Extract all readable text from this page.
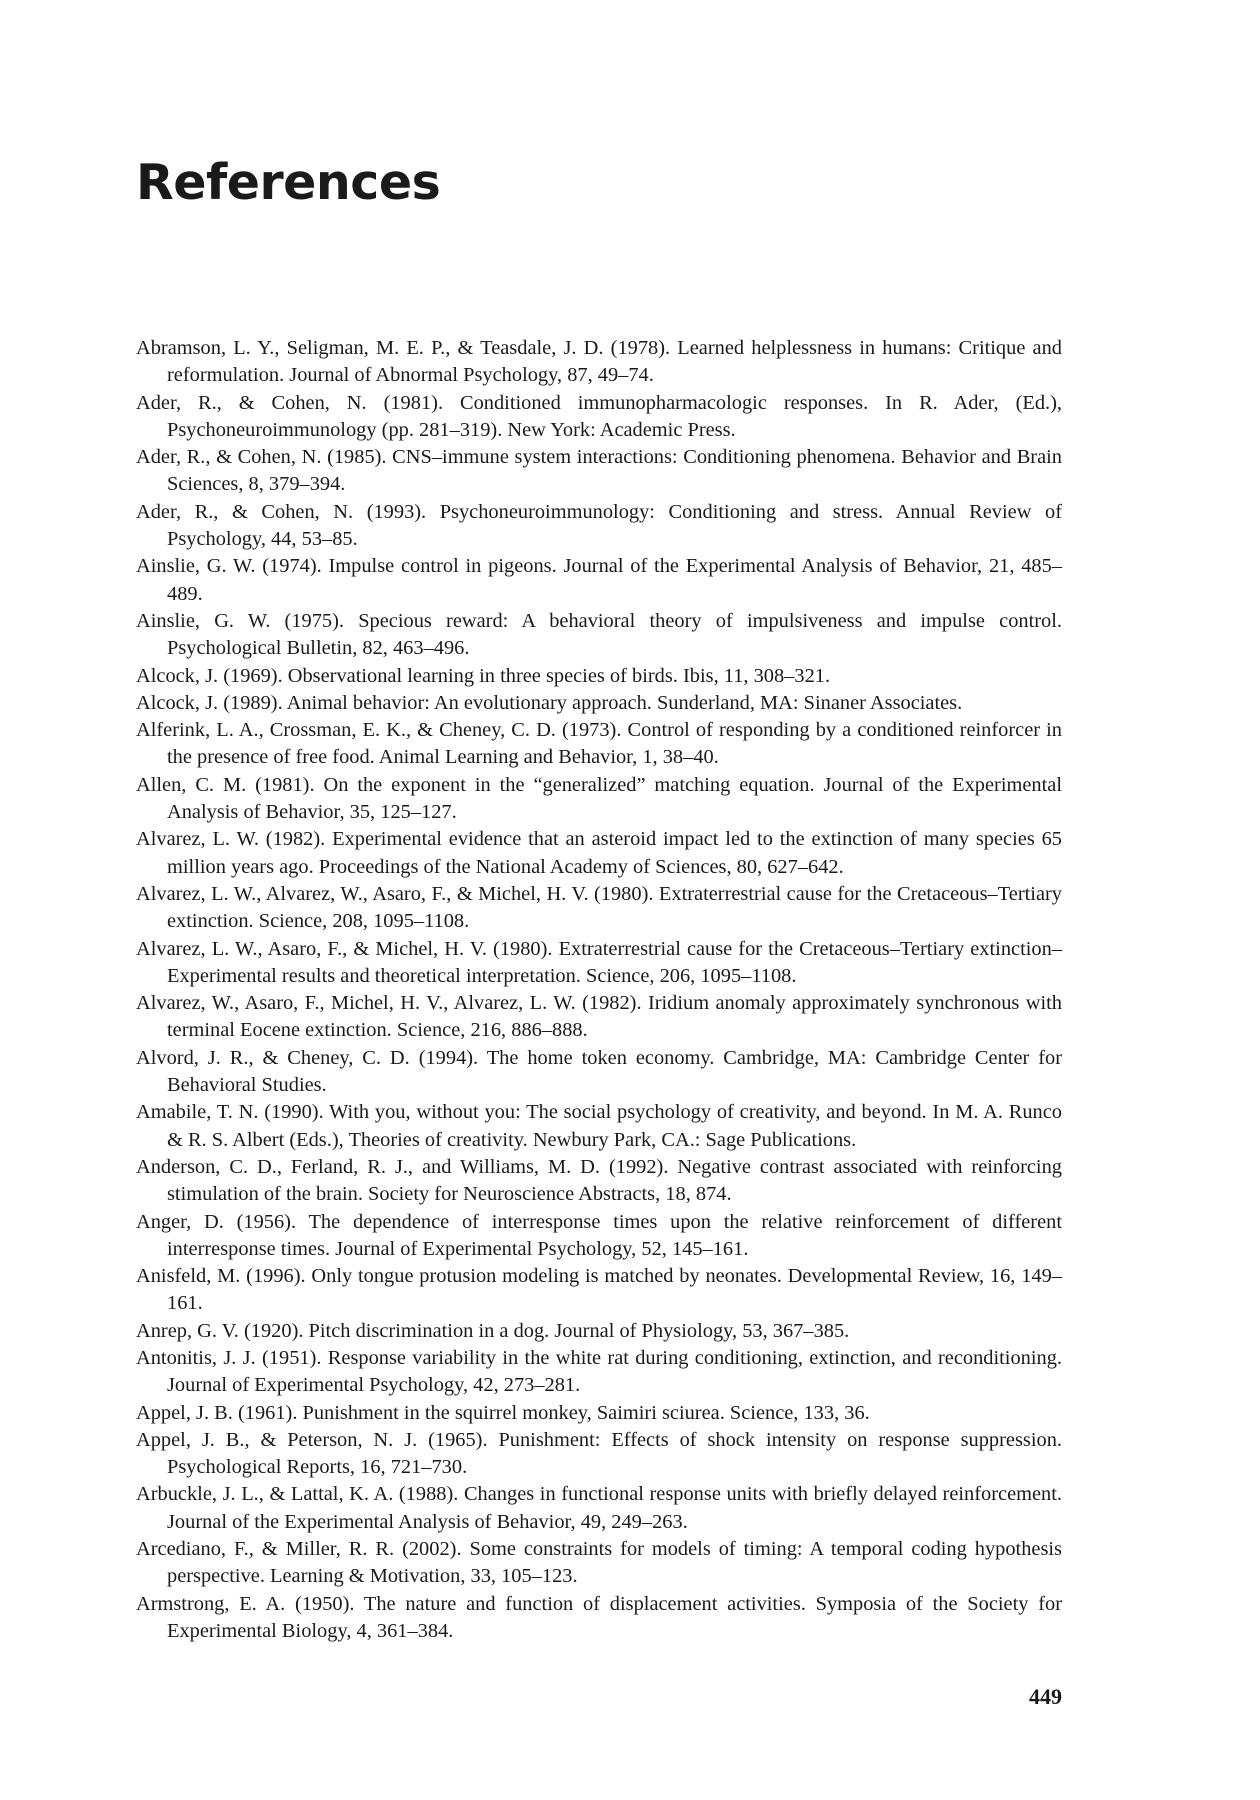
References
Abramson, L. Y., Seligman, M. E. P., & Teasdale, J. D. (1978). Learned helplessness in humans: Critique and reformulation. Journal of Abnormal Psychology, 87, 49–74.
Ader, R., & Cohen, N. (1981). Conditioned immunopharmacologic responses. In R. Ader, (Ed.), Psychoneuroimmunology (pp. 281–319). New York: Academic Press.
Ader, R., & Cohen, N. (1985). CNS–immune system interactions: Conditioning phenomena. Behavior and Brain Sciences, 8, 379–394.
Ader, R., & Cohen, N. (1993). Psychoneuroimmunology: Conditioning and stress. Annual Review of Psychology, 44, 53–85.
Ainslie, G. W. (1974). Impulse control in pigeons. Journal of the Experimental Analysis of Behavior, 21, 485–489.
Ainslie, G. W. (1975). Specious reward: A behavioral theory of impulsiveness and impulse control. Psychological Bulletin, 82, 463–496.
Alcock, J. (1969). Observational learning in three species of birds. Ibis, 11, 308–321.
Alcock, J. (1989). Animal behavior: An evolutionary approach. Sunderland, MA: Sinaner Associates.
Alferink, L. A., Crossman, E. K., & Cheney, C. D. (1973). Control of responding by a conditioned reinforcer in the presence of free food. Animal Learning and Behavior, 1, 38–40.
Allen, C. M. (1981). On the exponent in the “generalized” matching equation. Journal of the Experimental Analysis of Behavior, 35, 125–127.
Alvarez, L. W. (1982). Experimental evidence that an asteroid impact led to the extinction of many species 65 million years ago. Proceedings of the National Academy of Sciences, 80, 627–642.
Alvarez, L. W., Alvarez, W., Asaro, F., & Michel, H. V. (1980). Extraterrestrial cause for the Cretaceous–Tertiary extinction. Science, 208, 1095–1108.
Alvarez, L. W., Asaro, F., & Michel, H. V. (1980). Extraterrestrial cause for the Cretaceous–Tertiary extinction–Experimental results and theoretical interpretation. Science, 206, 1095–1108.
Alvarez, W., Asaro, F., Michel, H. V., Alvarez, L. W. (1982). Iridium anomaly approximately synchronous with terminal Eocene extinction. Science, 216, 886–888.
Alvord, J. R., & Cheney, C. D. (1994). The home token economy. Cambridge, MA: Cambridge Center for Behavioral Studies.
Amabile, T. N. (1990). With you, without you: The social psychology of creativity, and beyond. In M. A. Runco & R. S. Albert (Eds.), Theories of creativity. Newbury Park, CA.: Sage Publications.
Anderson, C. D., Ferland, R. J., and Williams, M. D. (1992). Negative contrast associated with reinforcing stimulation of the brain. Society for Neuroscience Abstracts, 18, 874.
Anger, D. (1956). The dependence of interresponse times upon the relative reinforcement of different interresponse times. Journal of Experimental Psychology, 52, 145–161.
Anisfeld, M. (1996). Only tongue protusion modeling is matched by neonates. Developmental Review, 16, 149–161.
Anrep, G. V. (1920). Pitch discrimination in a dog. Journal of Physiology, 53, 367–385.
Antonitis, J. J. (1951). Response variability in the white rat during conditioning, extinction, and reconditioning. Journal of Experimental Psychology, 42, 273–281.
Appel, J. B. (1961). Punishment in the squirrel monkey, Saimiri sciurea. Science, 133, 36.
Appel, J. B., & Peterson, N. J. (1965). Punishment: Effects of shock intensity on response suppression. Psychological Reports, 16, 721–730.
Arbuckle, J. L., & Lattal, K. A. (1988). Changes in functional response units with briefly delayed reinforcement. Journal of the Experimental Analysis of Behavior, 49, 249–263.
Arcediano, F., & Miller, R. R. (2002). Some constraints for models of timing: A temporal coding hypothesis perspective. Learning & Motivation, 33, 105–123.
Armstrong, E. A. (1950). The nature and function of displacement activities. Symposia of the Society for Experimental Biology, 4, 361–384.
449
